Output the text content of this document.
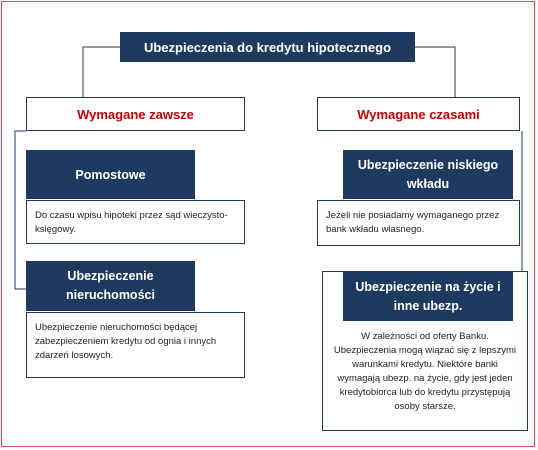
Ubezpieczenia do kredytu hipotecznego
Wymagane zawsze	Wymagane czasami
Do czasu wpisu hipoteki przez sąd wieczysto-księgowy.
Pomostowe
Ubezpieczenie nieruchomości będącej zabezpieczeniem kredytu od ognia i innych zdarzeń losowych.
Ubezpieczenie nieruchomości
Jeżeli nie posiadamy wymaganego przez bank wkładu własnego.
Ubezpieczenie niskiego wkładu
W zależności od oferty Banku. Ubezpieczenia mogą wiązać się z lepszymi warunkami kredytu. Niektóre banki wymagają ubezp. na życie, gdy jest jeden kredytobiorca lub do kredytu przystępują osoby starsze.
Ubezpieczenie na życie i inne ubezp.
